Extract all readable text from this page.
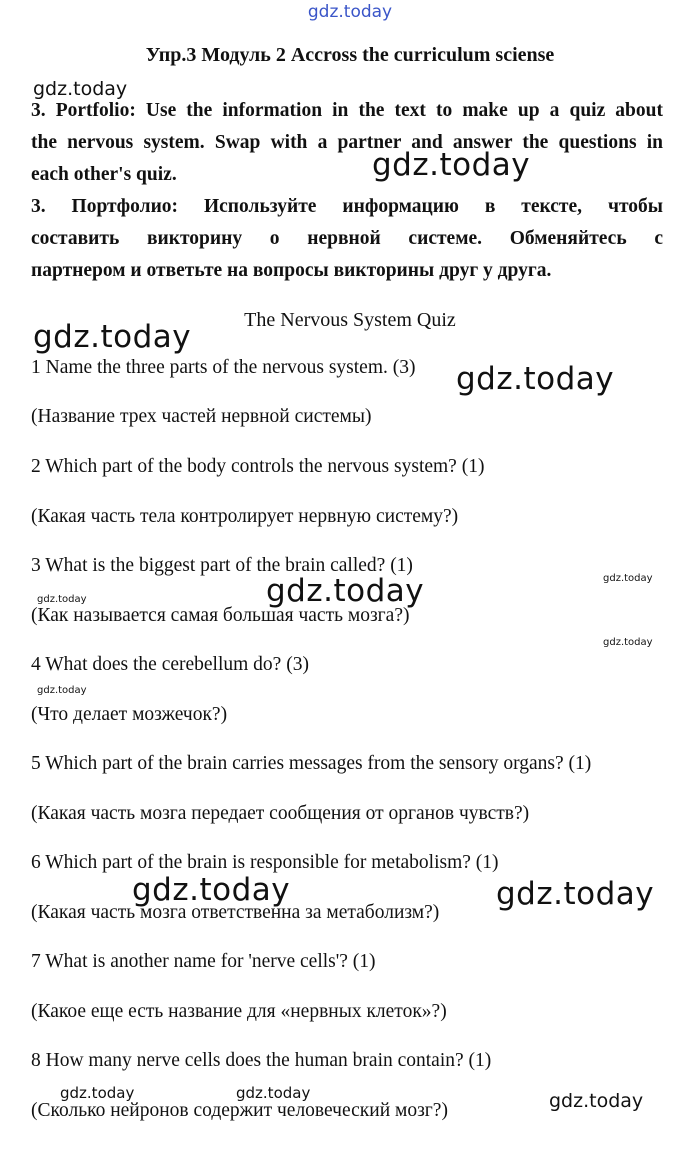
gdz.today
Упр.3 Модуль 2 Accross the curriculum sciense
3. Portfolio: Use the information in the text to make up a quiz about
the nervous system. Swap with a partner and answer the questions in
each other's quiz.
3. Портфолио: Используйте информацию в тексте, чтобы
составить викторину о нервной системе. Обменяйтесь с
партнером и ответьте на вопросы викторины друг у друга.
The Nervous System Quiz
1 Name the three parts of the nervous system. (3)
(Название трех частей нервной системы)
2 Which part of the body controls the nervous system? (1)
(Какая часть тела контролирует нервную систему?)
3 What is the biggest part of the brain called? (1)
(Как называется самая большая часть мозга?)
4 What does the cerebellum do? (3)
(Что делает мозжечок?)
5 Which part of the brain carries messages from the sensory organs? (1)
(Какая часть мозга передает сообщения от органов чувств?)
6 Which part of the brain is responsible for metabolism? (1)
(Какая часть мозга ответственна за метаболизм?)
7 What is another name for 'nerve cells'? (1)
(Какое еще есть название для «нервных клеток»?)
8 How many nerve cells does the human brain contain? (1)
(Сколько нейронов содержит человеческий мозг?)
gdz.today
gdz.today
gdz.today
gdz.today
gdz.today	gdz.today
gdz.today
gdz.today
gdz.today
gdz.today	gdz.today
gdz.today	gdz.today	gdz.today
